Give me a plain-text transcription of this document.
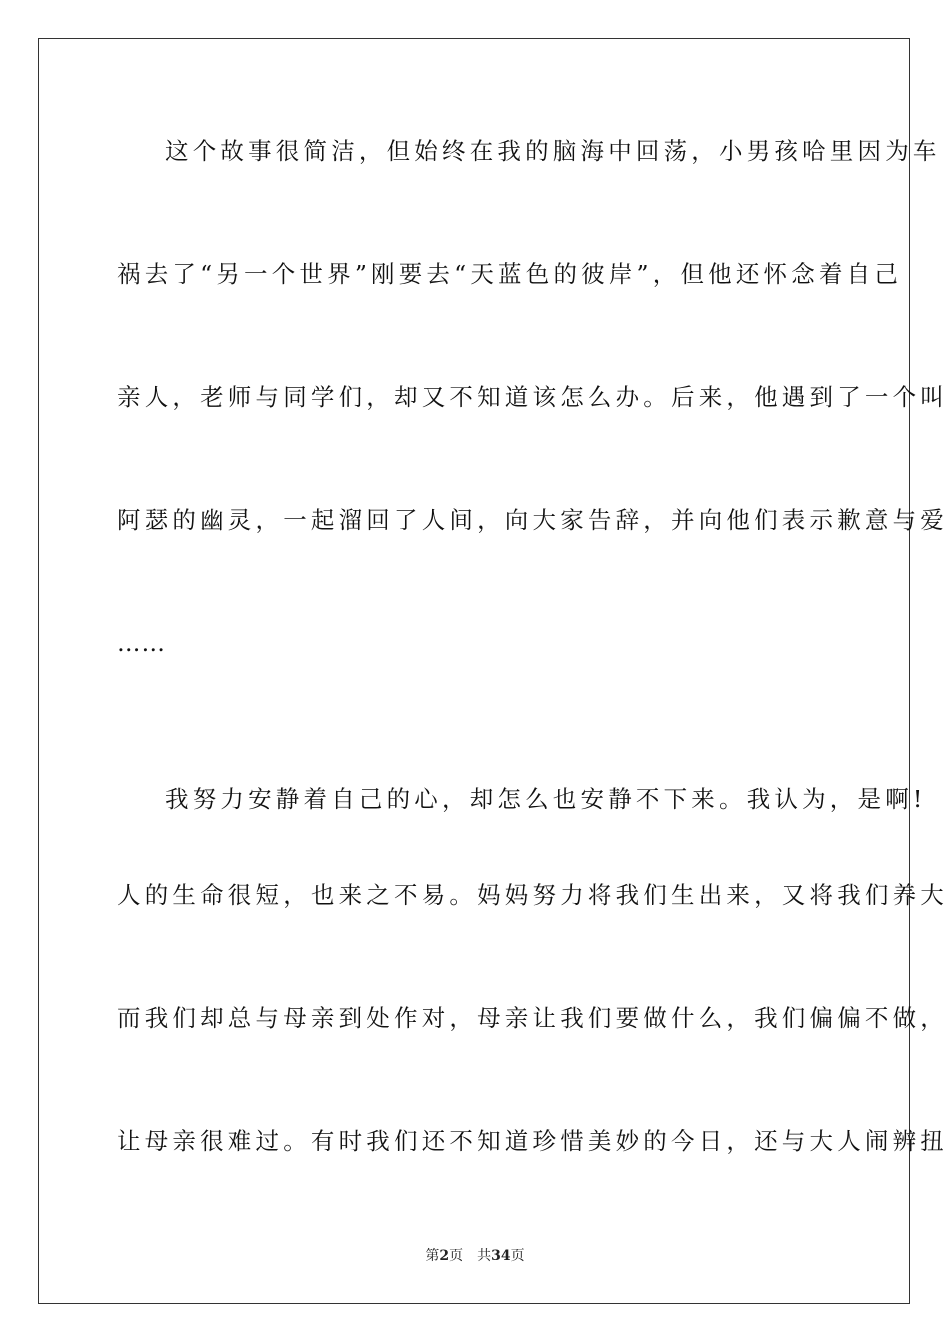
这个故事很简洁，但始终在我的脑海中回荡，小男孩哈里因为车
祸去了“另一个世界”刚要去“天蓝色的彼岸”，但他还怀念着自己
亲人，老师与同学们，却又不知道该怎么办。后来，他遇到了一个叫
阿瑟的幽灵，一起溜回了人间，向大家告辞，并向他们表示歉意与爱
……
我努力安静着自己的心，却怎么也安静不下来。我认为，是啊!
人的生命很短，也来之不易。妈妈努力将我们生出来，又将我们养大
而我们却总与母亲到处作对，母亲让我们要做什么，我们偏偏不做，
让母亲很难过。有时我们还不知道珍惜美妙的今日，还与大人闹辨扭
第2页 共34页
